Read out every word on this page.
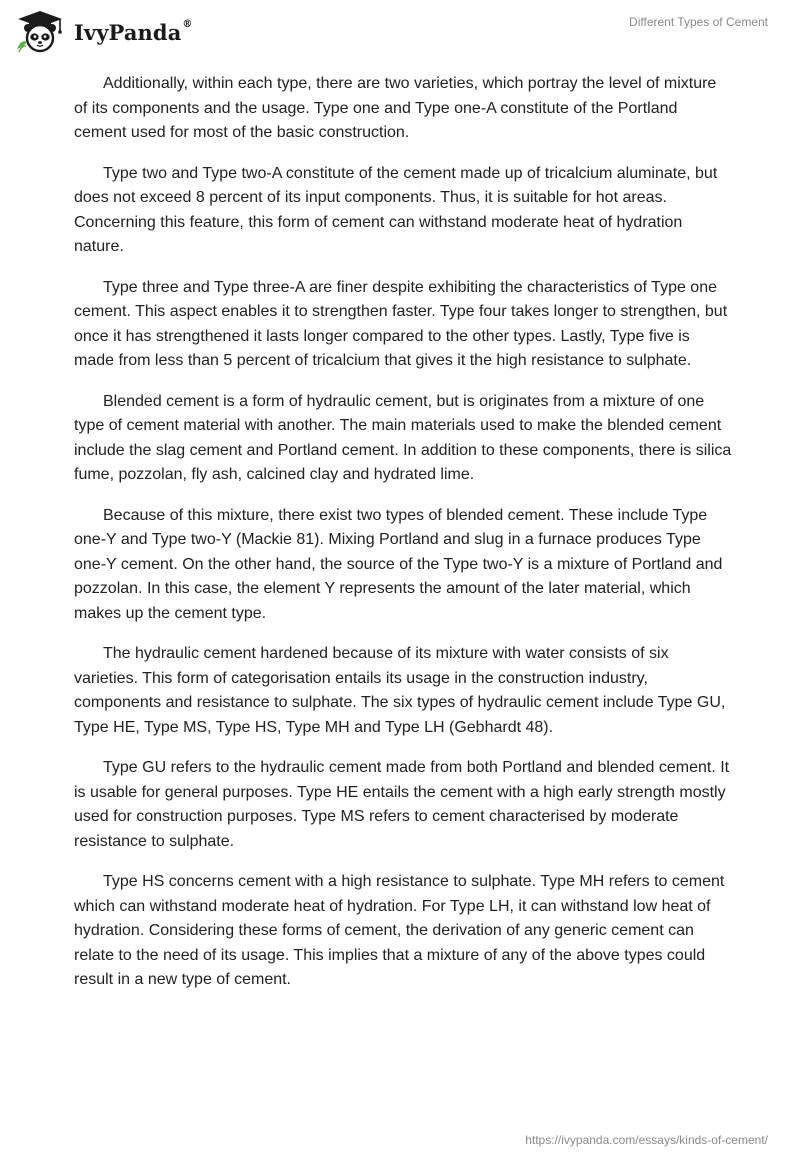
IvyPanda®	Different Types of Cement

Additionally, within each type, there are two varieties, which portray the level of mixture of its components and the usage. Type one and Type one-A constitute of the Portland cement used for most of the basic construction.

Type two and Type two-A constitute of the cement made up of tricalcium aluminate, but does not exceed 8 percent of its input components. Thus, it is suitable for hot areas. Concerning this feature, this form of cement can withstand moderate heat of hydration nature.

Type three and Type three-A are finer despite exhibiting the characteristics of Type one cement. This aspect enables it to strengthen faster. Type four takes longer to strengthen, but once it has strengthened it lasts longer compared to the other types. Lastly, Type five is made from less than 5 percent of tricalcium that gives it the high resistance to sulphate.

Blended cement is a form of hydraulic cement, but is originates from a mixture of one type of cement material with another. The main materials used to make the blended cement include the slag cement and Portland cement. In addition to these components, there is silica fume, pozzolan, fly ash, calcined clay and hydrated lime.

Because of this mixture, there exist two types of blended cement. These include Type one-Y and Type two-Y (Mackie 81). Mixing Portland and slug in a furnace produces Type one-Y cement. On the other hand, the source of the Type two-Y is a mixture of Portland and pozzolan. In this case, the element Y represents the amount of the later material, which makes up the cement type.

The hydraulic cement hardened because of its mixture with water consists of six varieties. This form of categorisation entails its usage in the construction industry, components and resistance to sulphate. The six types of hydraulic cement include Type GU, Type HE, Type MS, Type HS, Type MH and Type LH (Gebhardt 48).

Type GU refers to the hydraulic cement made from both Portland and blended cement. It is usable for general purposes. Type HE entails the cement with a high early strength mostly used for construction purposes. Type MS refers to cement characterised by moderate resistance to sulphate.

Type HS concerns cement with a high resistance to sulphate. Type MH refers to cement which can withstand moderate heat of hydration. For Type LH, it can withstand low heat of hydration. Considering these forms of cement, the derivation of any generic cement can relate to the need of its usage. This implies that a mixture of any of the above types could result in a new type of cement.

https://ivypanda.com/essays/kinds-of-cement/
